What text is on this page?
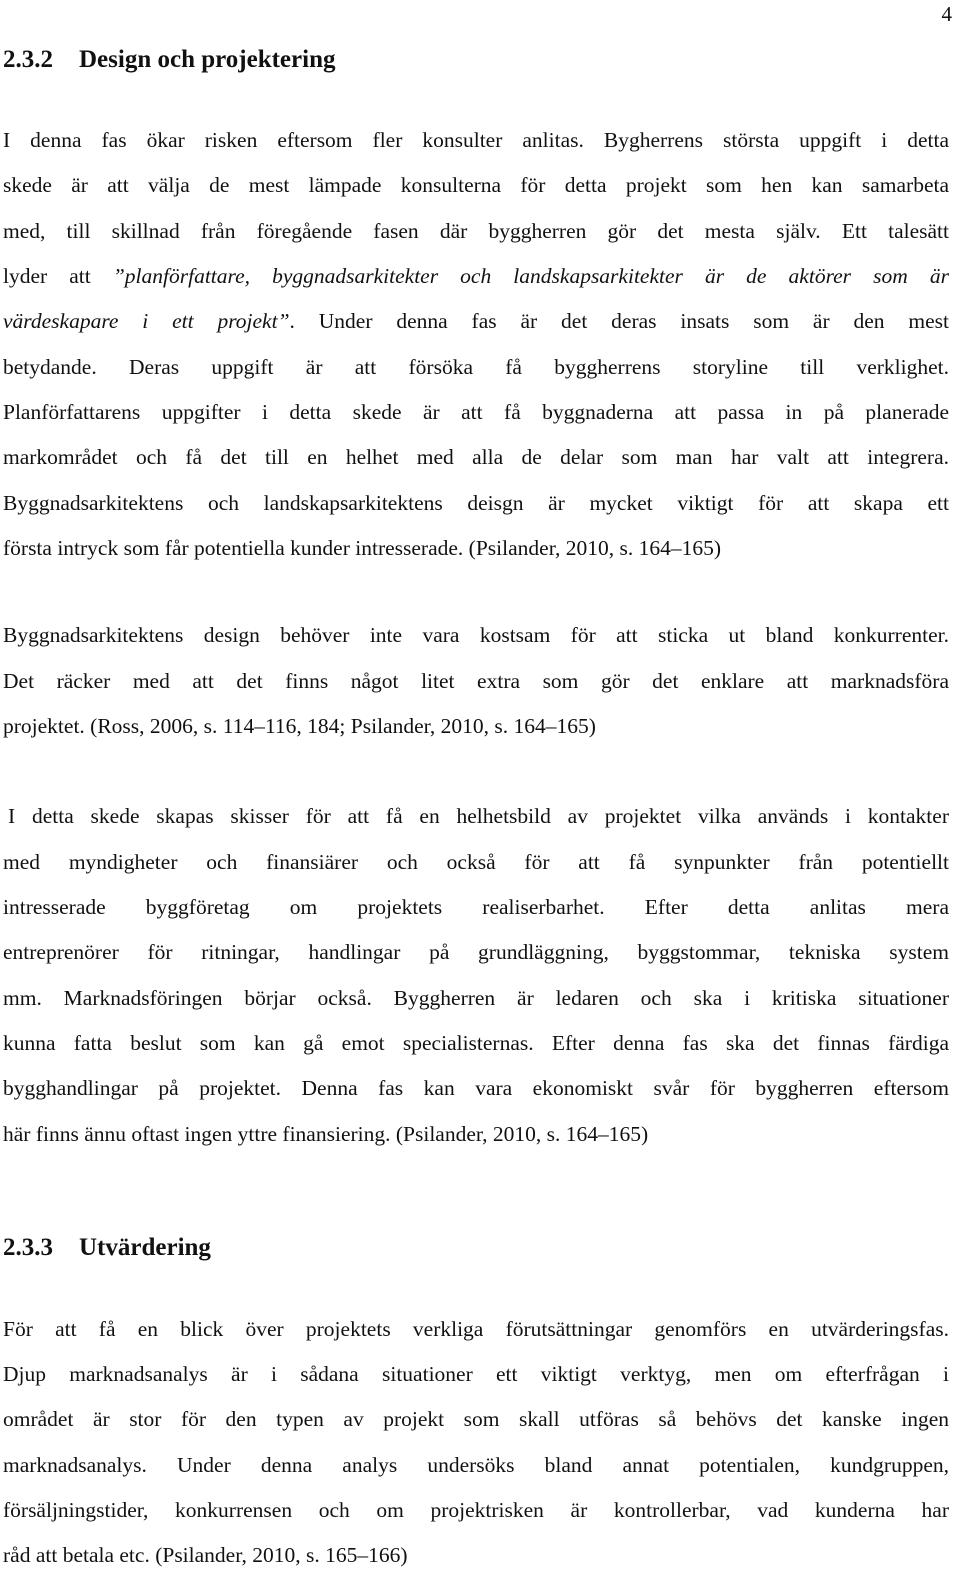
4
2.3.2 Design och projektering
I denna fas ökar risken eftersom fler konsulter anlitas. Bygherrens största uppgift i detta
skede är att välja de mest lämpade konsulterna för detta projekt som hen kan samarbeta
med, till skillnad från föregående fasen där byggherren gör det mesta själv. Ett talesätt
lyder att ”planförfattare, byggnadsarkitekter och landskapsarkitekter är de aktörer som är
värdeskapare i ett projekt”. Under denna fas är det deras insats som är den mest
betydande. Deras uppgift är att försöka få byggherrens storyline till verklighet.
Planförfattarens uppgifter i detta skede är att få byggnaderna att passa in på planerade
markområdet och få det till en helhet med alla de delar som man har valt att integrera.
Byggnadsarkitektens och landskapsarkitektens deisgn är mycket viktigt för att skapa ett
första intryck som får potentiella kunder intresserade. (Psilander, 2010, s. 164‒165)
Byggnadsarkitektens design behöver inte vara kostsam för att sticka ut bland konkurrenter.
Det räcker med att det finns något litet extra som gör det enklare att marknadsföra
projektet. (Ross, 2006, s. 114‒116, 184; Psilander, 2010, s. 164‒165)
I detta skede skapas skisser för att få en helhetsbild av projektet vilka används i kontakter
med myndigheter och finansiärer och också för att få synpunkter från potentiellt
intresserade byggföretag om projektets realiserbarhet. Efter detta anlitas mera
entreprenörer för ritningar, handlingar på grundläggning, byggstommar, tekniska system
mm. Marknadsföringen börjar också. Byggherren är ledaren och ska i kritiska situationer
kunna fatta beslut som kan gå emot specialisternas. Efter denna fas ska det finnas färdiga
bygghandlingar på projektet. Denna fas kan vara ekonomiskt svår för byggherren eftersom
här finns ännu oftast ingen yttre finansiering. (Psilander, 2010, s. 164‒165)
2.3.3 Utvärdering
För att få en blick över projektets verkliga förutsättningar genomförs en utvärderingsfas.
Djup marknadsanalys är i sådana situationer ett viktigt verktyg, men om efterfrågan i
området är stor för den typen av projekt som skall utföras så behövs det kanske ingen
marknadsanalys. Under denna analys undersöks bland annat potentialen, kundgruppen,
försäljningstider, konkurrensen och om projektrisken är kontrollerbar, vad kunderna har
råd att betala etc. (Psilander, 2010, s. 165‒166)
